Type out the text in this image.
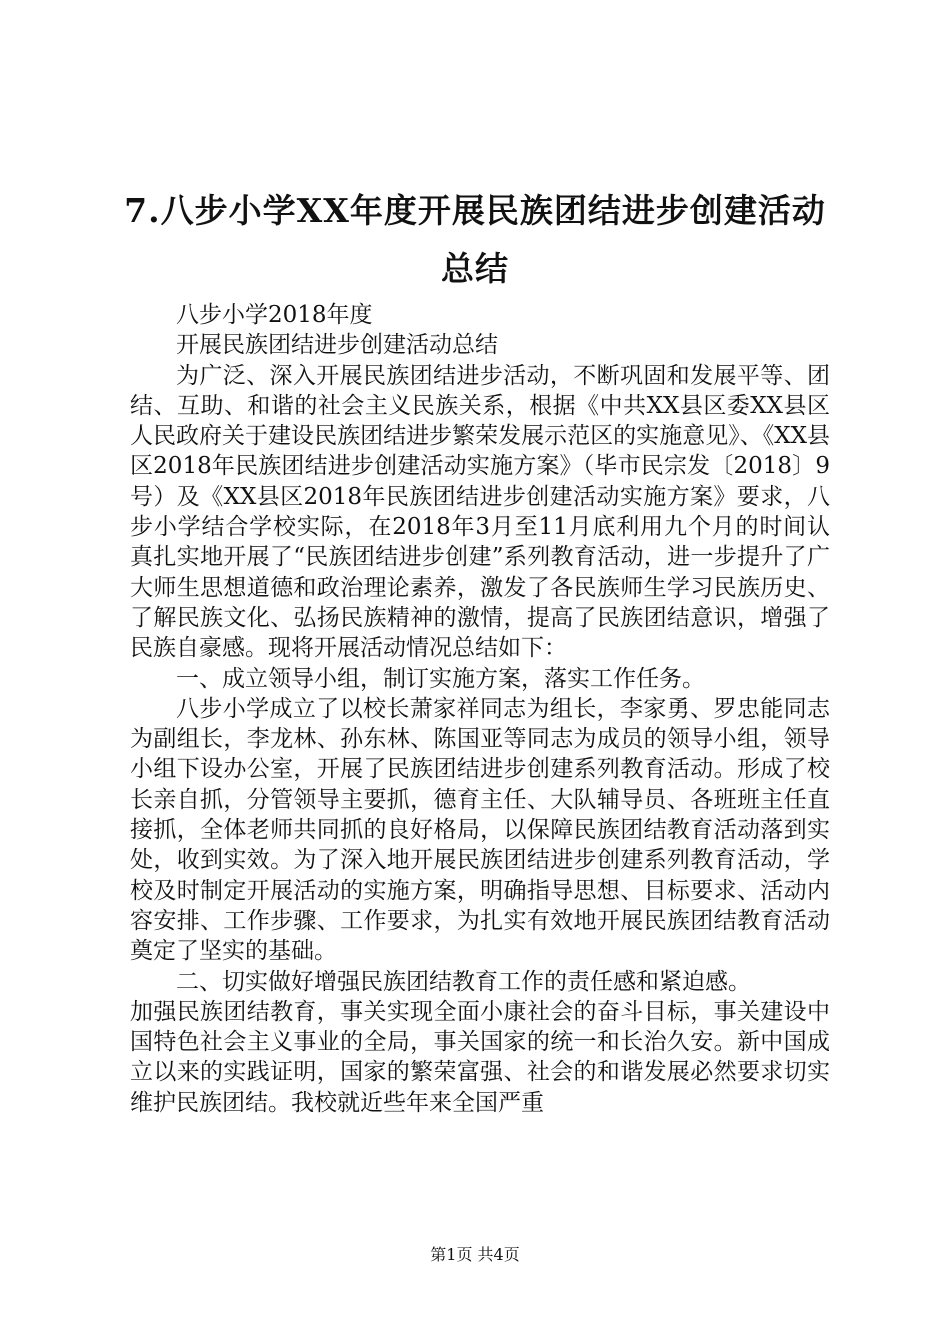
7.八步小学XX年度开展民族团结进步创建活动总结

八步小学2018年度

开展民族团结进步创建活动总结

为广泛、深入开展民族团结进步活动，不断巩固和发展平等、团结、互助、和谐的社会主义民族关系，根据《中共XX县区委XX县区人民政府关于建设民族团结进步繁荣发展示范区的实施意见》、《XX县区2018年民族团结进步创建活动实施方案》（毕市民宗发〔2018〕9号）及《XX县区2018年民族团结进步创建活动实施方案》要求，八步小学结合学校实际，在2018年3月至11月底利用九个月的时间认真扎实地开展了“民族团结进步创建”系列教育活动，进一步提升了广大师生思想道德和政治理论素养，激发了各民族师生学习民族历史、了解民族文化、弘扬民族精神的激情，提高了民族团结意识，增强了民族自豪感。现将开展活动情况总结如下：

一、成立领导小组，制订实施方案，落实工作任务。

八步小学成立了以校长萧家祥同志为组长，李家勇、罗忠能同志为副组长，李龙林、孙东林、陈国亚等同志为成员的领导小组，领导小组下设办公室，开展了民族团结进步创建系列教育活动。形成了校长亲自抓，分管领导主要抓，德育主任、大队辅导员、各班班主任直接抓，全体老师共同抓的良好格局，以保障民族团结教育活动落到实处，收到实效。为了深入地开展民族团结进步创建系列教育活动，学校及时制定开展活动的实施方案，明确指导思想、目标要求、活动内容安排、工作步骤、工作要求，为扎实有效地开展民族团结教育活动奠定了坚实的基础。

二、切实做好增强民族团结教育工作的责任感和紧迫感。

加强民族团结教育，事关实现全面小康社会的奋斗目标，事关建设中国特色社会主义事业的全局，事关国家的统一和长治久安。新中国成立以来的实践证明，国家的繁荣富强、社会的和谐发展必然要求切实维护民族团结。我校就近些年来全国严重

第1页 共4页
